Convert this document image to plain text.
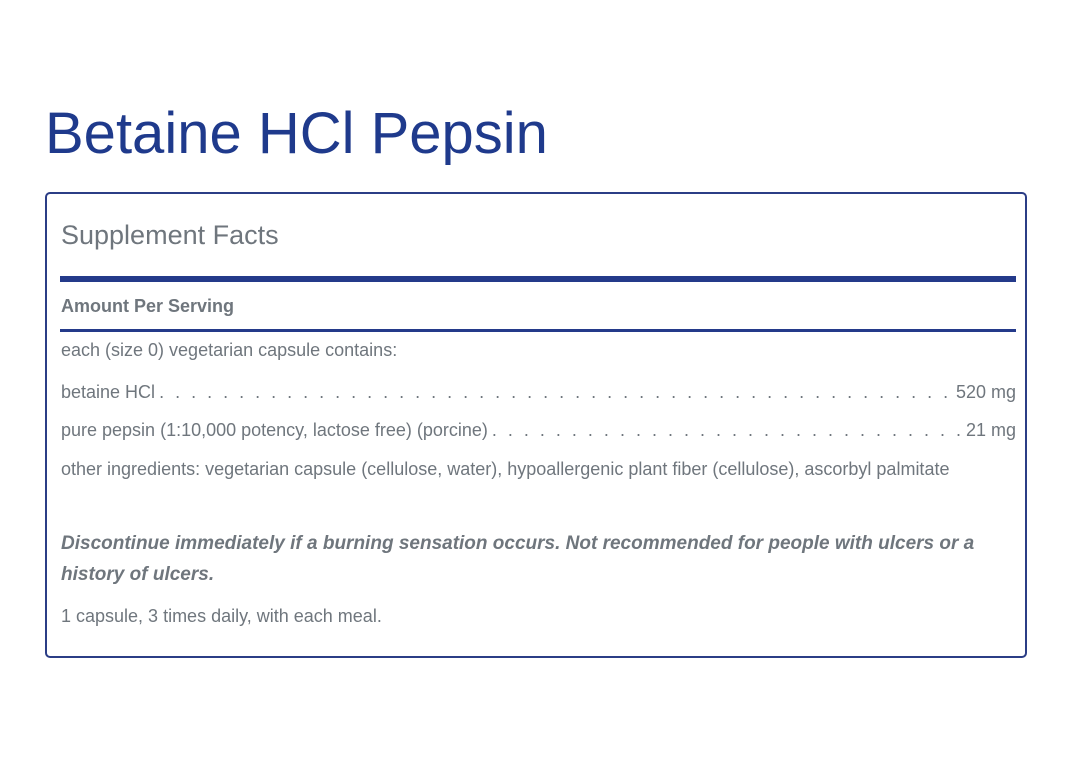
Betaine HCl Pepsin
Supplement Facts
Amount Per Serving
each (size 0) vegetarian capsule contains:
betaine HCl . . .	520 mg
pure pepsin (1:10,000 potency, lactose free) (porcine) . . .	21 mg
other ingredients: vegetarian capsule (cellulose, water), hypoallergenic plant fiber (cellulose), ascorbyl palmitate
Discontinue immediately if a burning sensation occurs. Not recommended for people with ulcers or a history of ulcers.
1 capsule, 3 times daily, with each meal.
